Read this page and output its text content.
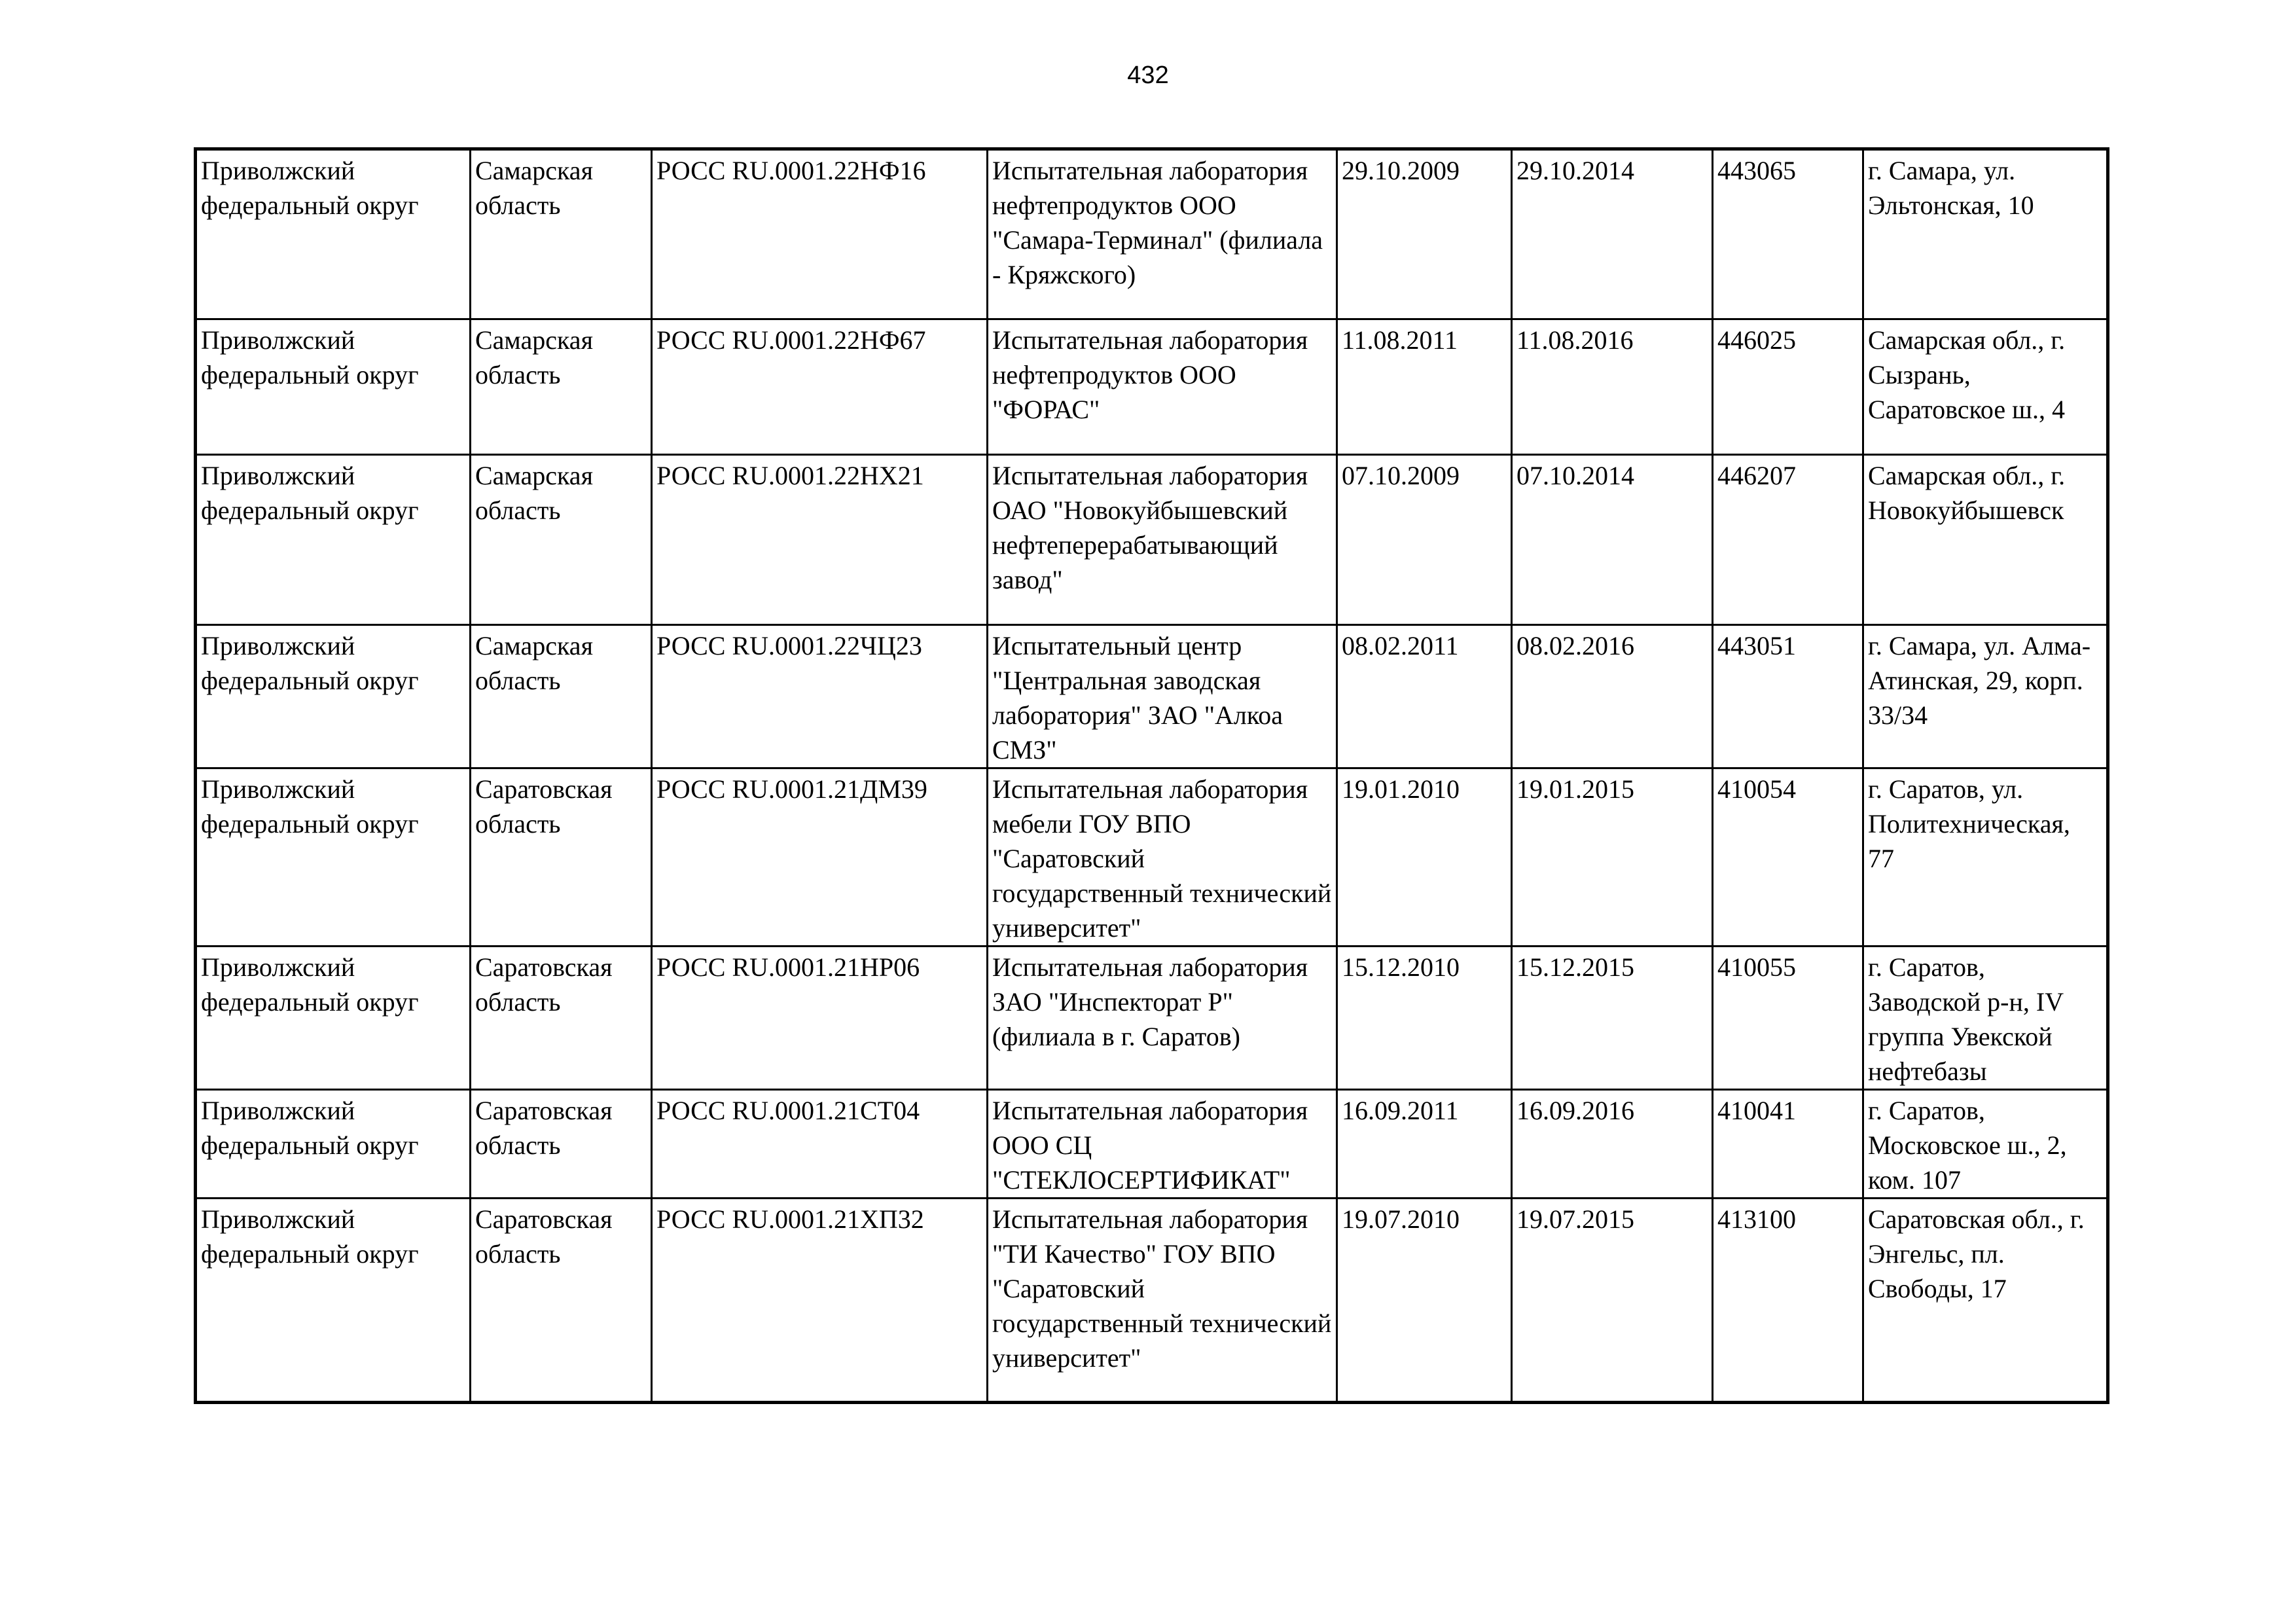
432
Приволжский федеральный округ	Самарская область	РОСС RU.0001.22НФ16	Испытательная лаборатория нефтепродуктов ООО "Самара-Терминал" (филиала - Кряжского)	29.10.2009	29.10.2014	443065	г. Самара, ул. Эльтонская, 10
Приволжский федеральный округ	Самарская область	РОСС RU.0001.22НФ67	Испытательная лаборатория нефтепродуктов ООО "ФОРАС"	11.08.2011	11.08.2016	446025	Самарская обл., г. Сызрань, Саратовское ш., 4
Приволжский федеральный округ	Самарская область	РОСС RU.0001.22НХ21	Испытательная лаборатория ОАО "Новокуйбышевский нефтеперерабатывающий завод"	07.10.2009	07.10.2014	446207	Самарская обл., г. Новокуйбышевск
Приволжский федеральный округ	Самарская область	РОСС RU.0001.22ЧЦ23	Испытательный центр "Центральная заводская лаборатория" ЗАО "Алкоа СМЗ"	08.02.2011	08.02.2016	443051	г. Самара, ул. Алма-Атинская, 29, корп. 33/34
Приволжский федеральный округ	Саратовская область	РОСС RU.0001.21ДМ39	Испытательная лаборатория мебели ГОУ ВПО "Саратовский государственный технический университет"	19.01.2010	19.01.2015	410054	г. Саратов, ул. Политехническая, 77
Приволжский федеральный округ	Саратовская область	РОСС RU.0001.21НР06	Испытательная лаборатория ЗАО "Инспекторат Р" (филиала в г. Саратов)	15.12.2010	15.12.2015	410055	г. Саратов, Заводской р-н, IV группа Увекской нефтебазы
Приволжский федеральный округ	Саратовская область	РОСС RU.0001.21СТ04	Испытательная лаборатория ООО СЦ "СТЕКЛОСЕРТИФИКАТ"	16.09.2011	16.09.2016	410041	г. Саратов, Московское ш., 2, ком. 107
Приволжский федеральный округ	Саратовская область	РОСС RU.0001.21ХП32	Испытательная лаборатория "ТИ Качество" ГОУ ВПО "Саратовский государственный технический университет"	19.07.2010	19.07.2015	413100	Саратовская обл., г. Энгельс, пл. Свободы, 17
